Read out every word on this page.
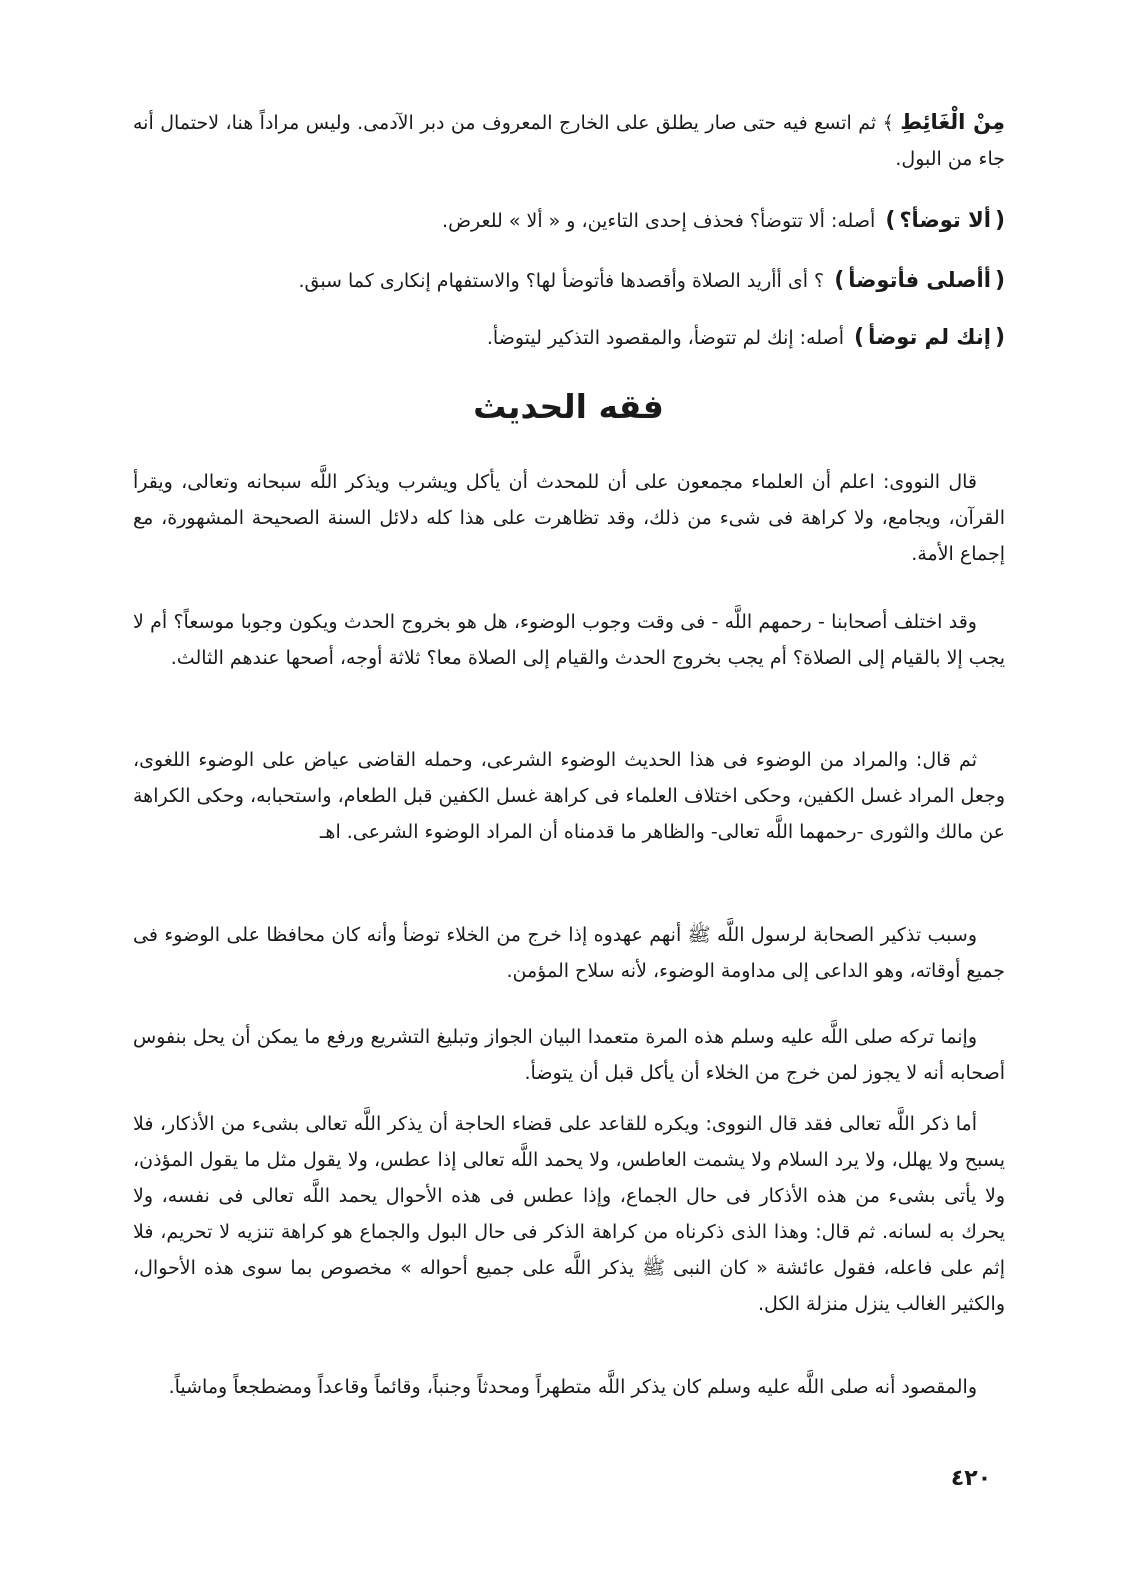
مِنْ الْغَائِطِ ﴾ ثم اتسع فيه حتى صار يطلق على الخارج المعروف من دبر الآدمى. وليس مراداً هنا، لاحتمال أنه جاء من البول.
(ألا توضأ؟) أصله: ألا تتوضأ؟ فحذف إحدى التاءين، و « ألا » للعرض.
(أأصلى فأتوضأ) ؟ أى أأريد الصلاة وأقصدها فأتوضأ لها؟ والاستفهام إنكارى كما سبق.
(إنك لم توضأ) أصله: إنك لم تتوضأ، والمقصود التذكير ليتوضأ.
فقه الحديث
قال النووى: اعلم أن العلماء مجمعون على أن للمحدث أن يأكل ويشرب ويذكر اللَّه سبحانه وتعالى، ويقرأ القرآن، ويجامع، ولا كراهة فى شىء من ذلك، وقد تظاهرت على هذا كله دلائل السنة الصحيحة المشهورة، مع إجماع الأمة.
وقد اختلف أصحابنا - رحمهم اللَّه - فى وقت وجوب الوضوء، هل هو بخروج الحدث ويكون وجوبا موسعاً؟ أم لا يجب إلا بالقيام إلى الصلاة؟ أم يجب بخروج الحدث والقيام إلى الصلاة معا؟ ثلاثة أوجه، أصحها عندهم الثالث.
ثم قال: والمراد من الوضوء فى هذا الحديث الوضوء الشرعى، وحمله القاضى عياض على الوضوء اللغوى، وجعل المراد غسل الكفين، وحكى اختلاف العلماء فى كراهة غسل الكفين قبل الطعام، واستحبابه، وحكى الكراهة عن مالك والثورى -رحمهما اللَّه تعالى- والظاهر ما قدمناه أن المراد الوضوء الشرعى. اهـ
وسبب تذكير الصحابة لرسول اللَّه ﷺ أنهم عهدوه إذا خرج من الخلاء توضأ وأنه كان محافظا على الوضوء فى جميع أوقاته، وهو الداعى إلى مداومة الوضوء، لأنه سلاح المؤمن.
وإنما تركه صلى اللَّه عليه وسلم هذه المرة متعمدا البيان الجواز وتبليغ التشريع ورفع ما يمكن أن يحل بنفوس أصحابه أنه لا يجوز لمن خرج من الخلاء أن يأكل قبل أن يتوضأ.
أما ذكر اللَّه تعالى فقد قال النووى: ويكره للقاعد على قضاء الحاجة أن يذكر اللَّه تعالى بشىء من الأذكار، فلا يسبح ولا يهلل، ولا يرد السلام ولا يشمت العاطس، ولا يحمد اللَّه تعالى إذا عطس، ولا يقول مثل ما يقول المؤذن، ولا يأتى بشىء من هذه الأذكار فى حال الجماع، وإذا عطس فى هذه الأحوال يحمد اللَّه تعالى فى نفسه، ولا يحرك به لسانه. ثم قال: وهذا الذى ذكرناه من كراهة الذكر فى حال البول والجماع هو كراهة تنزيه لا تحريم، فلا إثم على فاعله، فقول عائشة « كان النبى ﷺ يذكر اللَّه على جميع أحواله » مخصوص بما سوى هذه الأحوال، والكثير الغالب ينزل منزلة الكل.
والمقصود أنه صلى اللَّه عليه وسلم كان يذكر اللَّه متطهراً ومحدثاً وجنباً، وقائماً وقاعداً ومضطجعاً وماشياً.
٤٢٠
